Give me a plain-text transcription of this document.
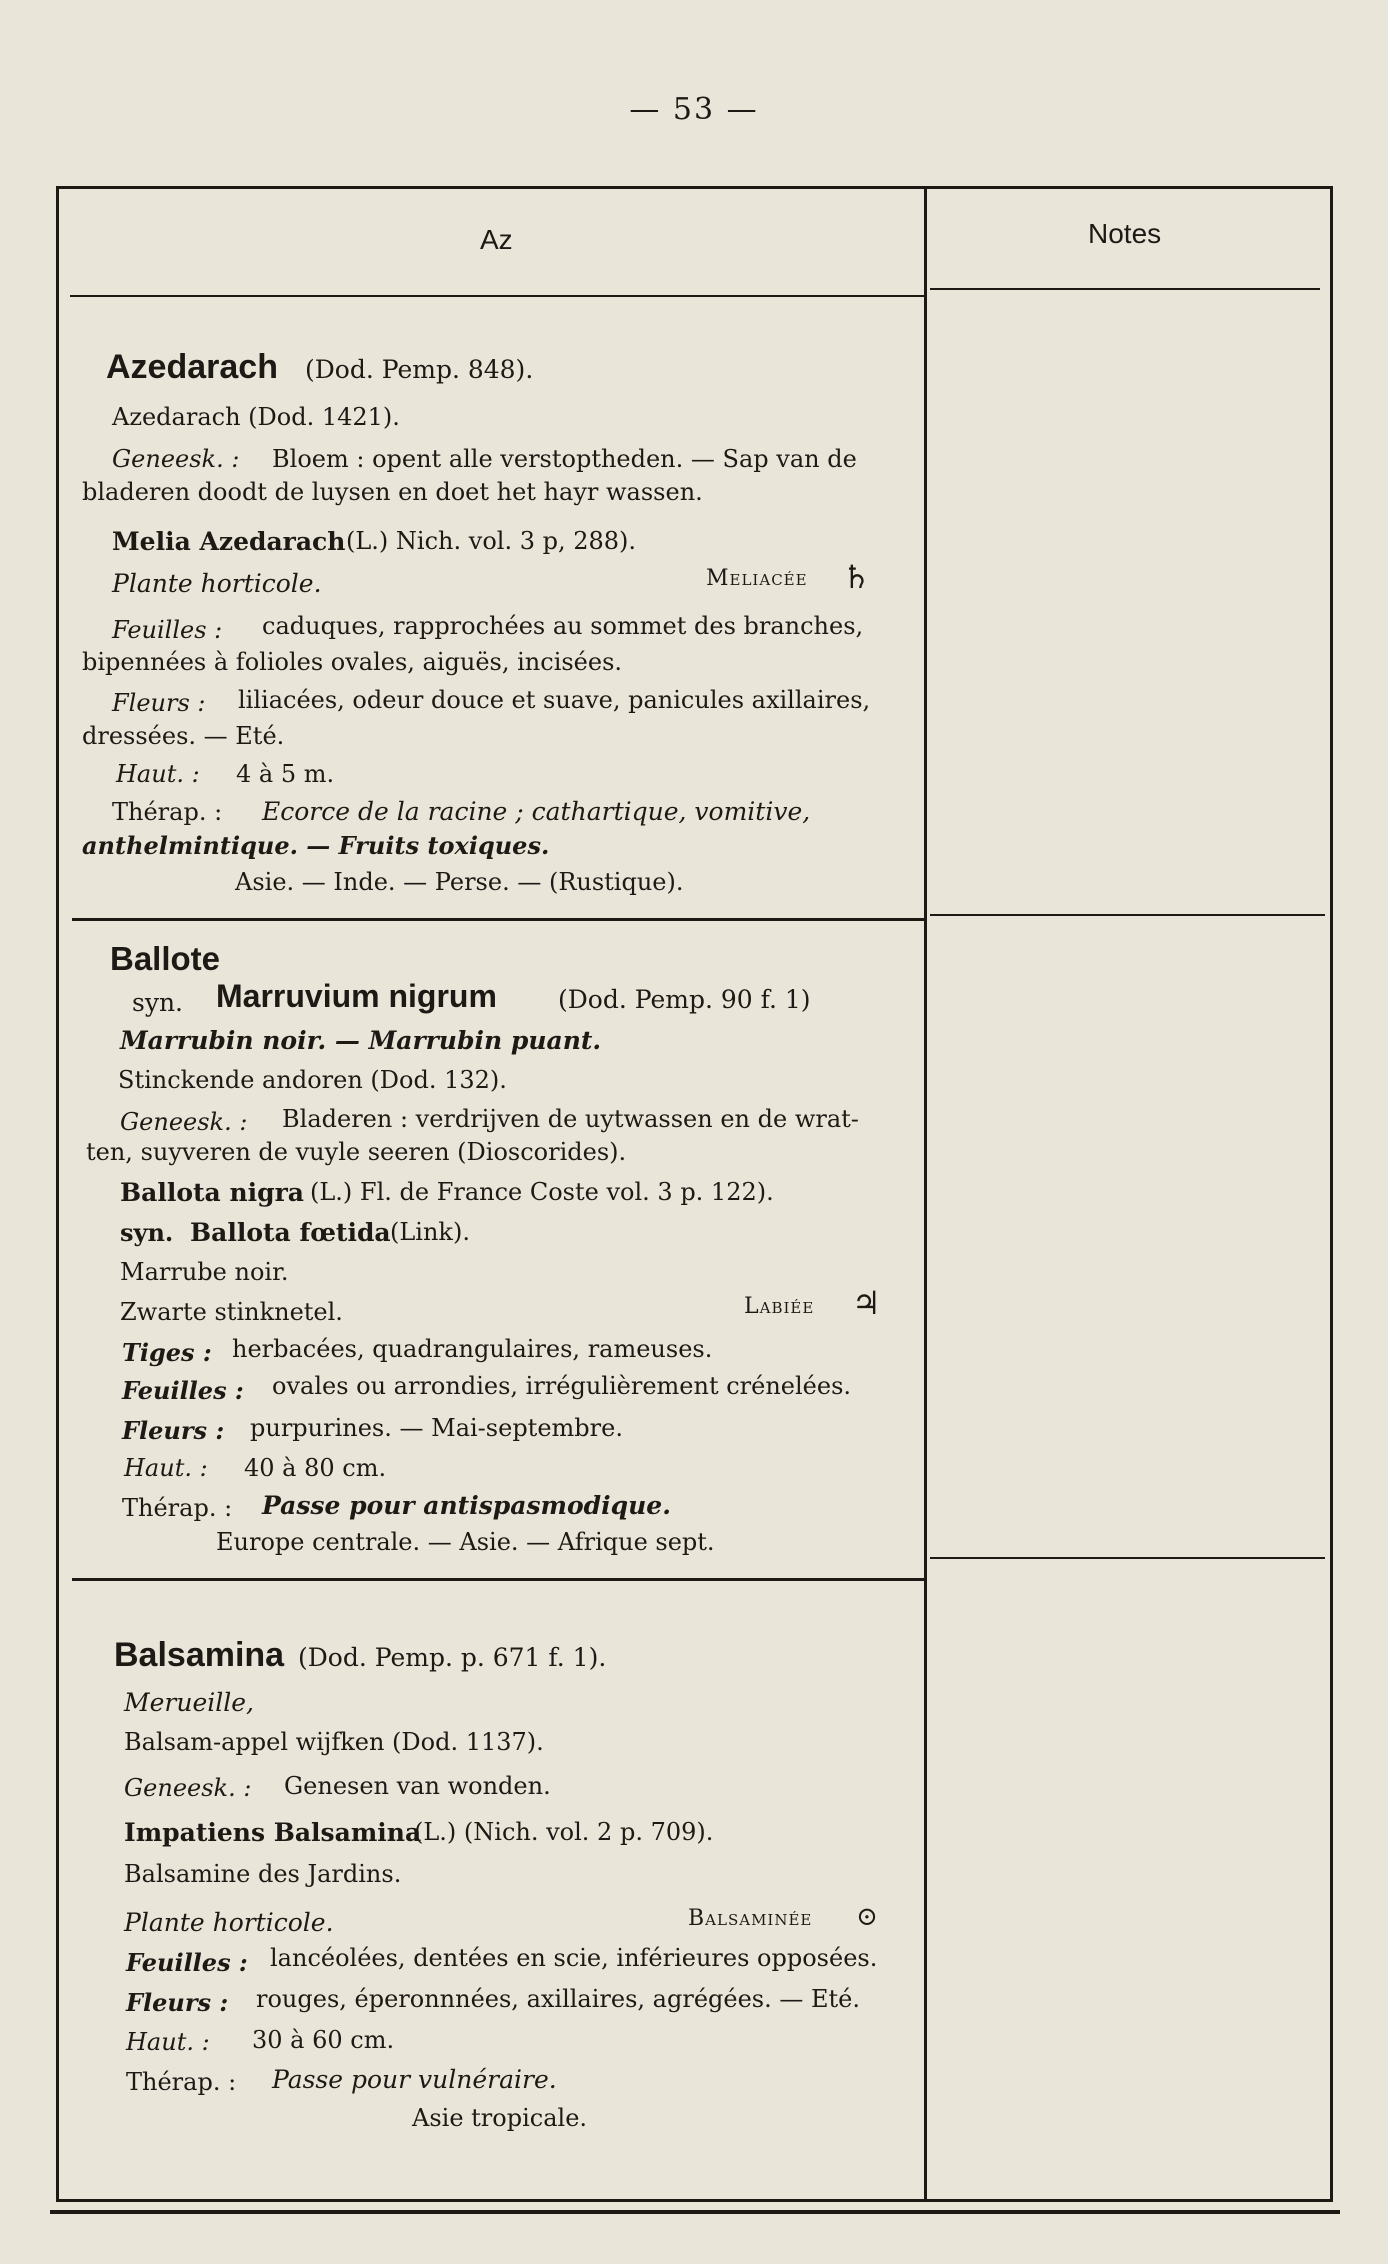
— 53 —
Az	Notes
Azedarach (Dod. Pemp. 848).
Azedarach (Dod. 1421).
Geneesk. : Bloem : opent alle verstoptheden. — Sap van de
bladeren doodt de luysen en doet het hayr wassen.
Melia Azedarach (L.) Nich. vol. 3 p, 288).
Plante horticole.	Meliacée ♄
Feuilles : caduques, rapprochées au sommet des branches,
bipennées à folioles ovales, aiguës, incisées.
Fleurs : liliacées, odeur douce et suave, panicules axillaires,
dressées. — Eté.
Haut. : 4 à 5 m.
Thérap. : Ecorce de la racine ; cathartique, vomitive,
anthelmintique. — Fruits toxiques.
Asie. — Inde. — Perse. — (Rustique).
Ballote
syn. Marruvium nigrum (Dod. Pemp. 90 f. 1)
Marrubin noir. — Marrubin puant.
Stinckende andoren (Dod. 132).
Geneesk. : Bladeren : verdrijven de uytwassen en de wrat-
ten, suyveren de vuyle seeren (Dioscorides).
Ballota nigra (L.) Fl. de France Coste vol. 3 p. 122).
syn. Ballota fœtida (Link).
Marrube noir.
Zwarte stinknetel.	Labiée ♃
Tiges : herbacées, quadrangulaires, rameuses.
Feuilles : ovales ou arrondies, irrégulièrement crénelées.
Fleurs : purpurines. — Mai-septembre.
Haut. : 40 à 80 cm.
Thérap. : Passe pour antispasmodique.
Europe centrale. — Asie. — Afrique sept.
Balsamina (Dod. Pemp. p. 671 f. 1).
Merueille,
Balsam-appel wijfken (Dod. 1137).
Geneesk. : Genesen van wonden.
Impatiens Balsamina
(L.) (Nich. vol. 2 p. 709).
Balsamine des Jardins.
Plante horticole.	Balsaminée ⊙
Feuilles : lancéolées, dentées en scie, inférieures opposées.
Fleurs : rouges, éperonnnées, axillaires, agrégées. — Eté.
Haut. : 30 à 60 cm.
Thérap. : Passe pour vulnéraire.
Asie tropicale.
